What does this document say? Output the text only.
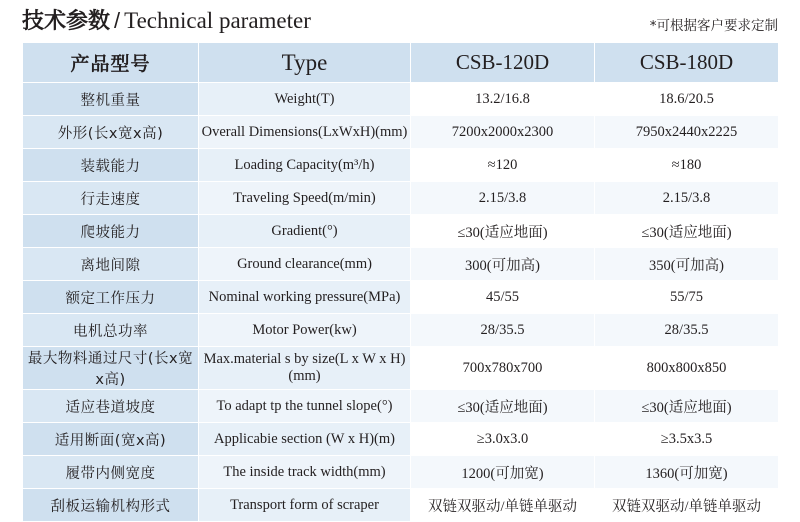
技术参数 / Technical parameter	*可根据客户要求定制
产品型号	Type	CSB-120D	CSB-180D
整机重量	Weight(T)	13.2/16.8	18.6/20.5
外形(长x宽x高)	Overall Dimensions(LxWxH)(mm)	7200x2000x2300	7950x2440x2225
装载能力	Loading Capacity(m³/h)	≈120	≈180
行走速度	Traveling Speed(m/min)	2.15/3.8	2.15/3.8
爬坡能力	Gradient(°)	≤30(适应地面)	≤30(适应地面)
离地间隙	Ground clearance(mm)	300(可加高)	350(可加高)
额定工作压力	Nominal working pressure(MPa)	45/55	55/75
电机总功率	Motor Power(kw)	28/35.5	28/35.5
最大物料通过尺寸(长x宽x高)	Max.material s by size(L x W x H)(mm)	700x780x700	800x800x850
适应巷道坡度	To adapt tp the tunnel slope(°)	≤30(适应地面)	≤30(适应地面)
适用断面(宽x高)	Applicabie section (W x H)(m)	≥3.0x3.0	≥3.5x3.5
履带内侧宽度	The inside track width(mm)	1200(可加宽)	1360(可加宽)
刮板运输机构形式	Transport form of scraper	双链双驱动/单链单驱动	双链双驱动/单链单驱动
